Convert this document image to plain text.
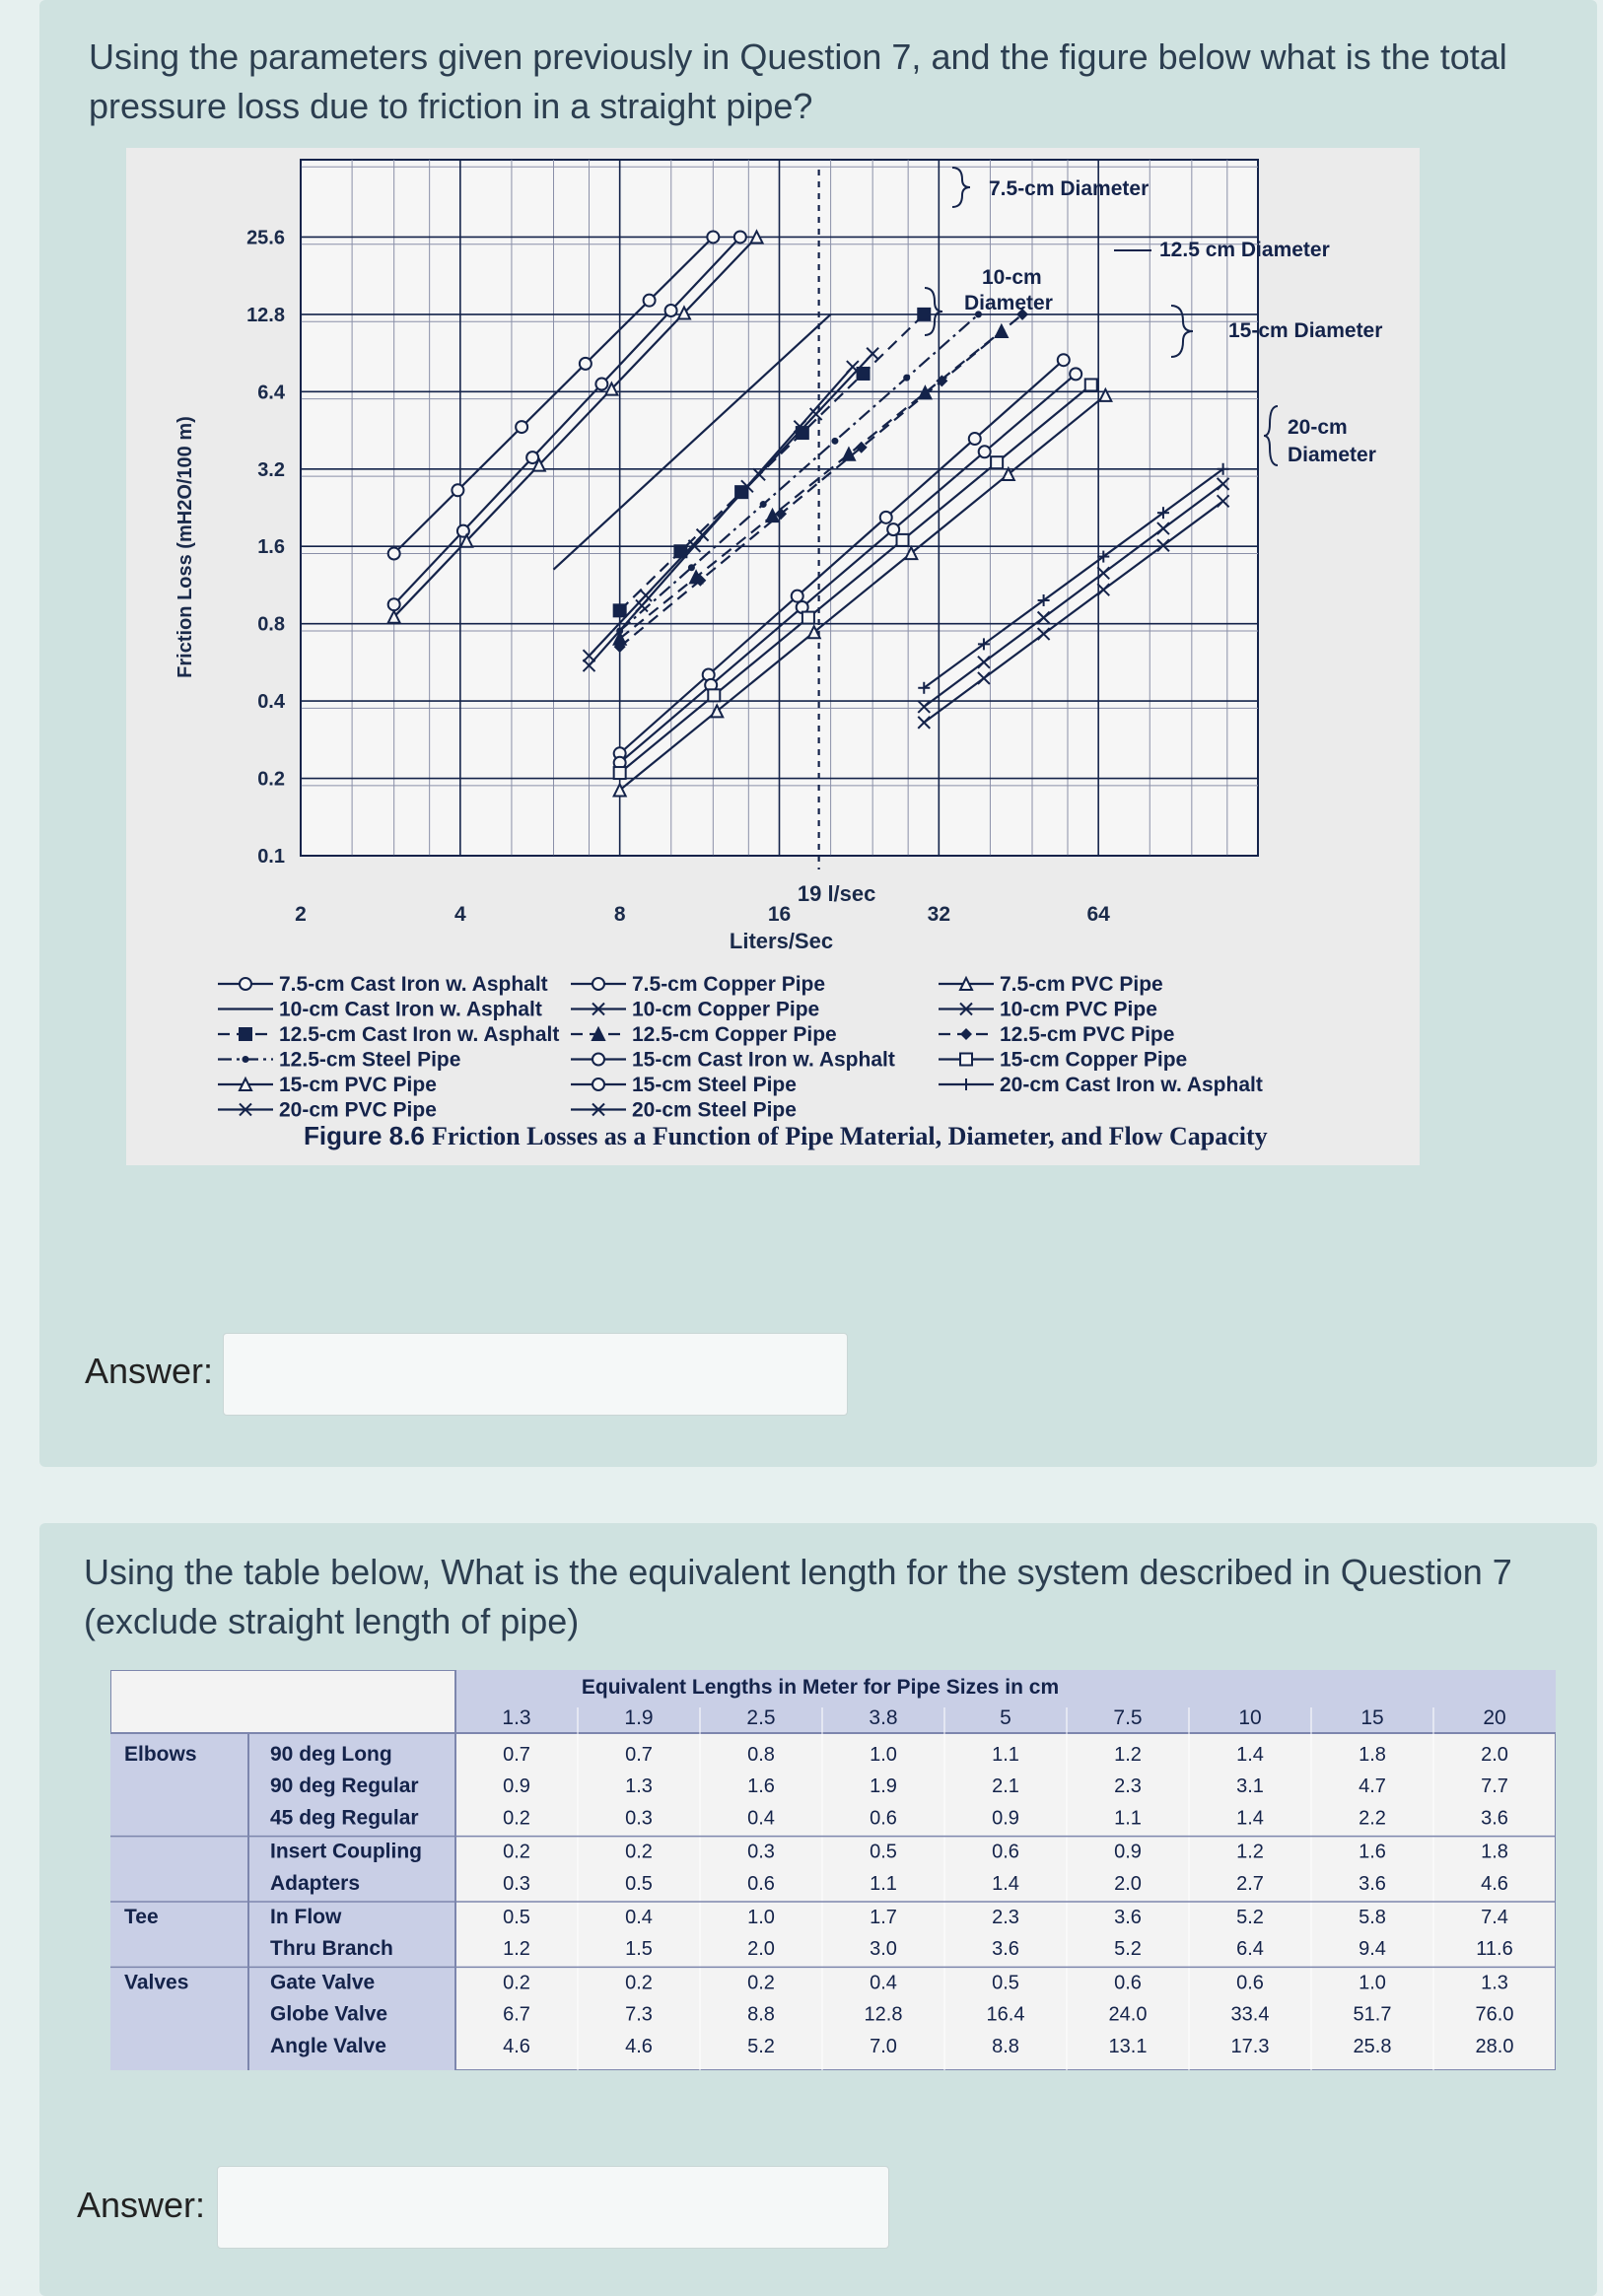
Using the parameters given previously in Question 7, and the figure below what is the total
pressure loss due to friction in a straight pipe?
2	4	8	16	32	64
25.6
12.8
6.4
3.2
1.6
0.8
0.4
0.2
0.1
Liters/Sec
Friction Loss (mH2O/100 m)
19 l/sec
7.5-cm Diameter
10-cm
Diameter
12.5 cm Diameter
15-cm Diameter
20-cm
Diameter
7.5-cm Cast Iron w. Asphalt
10-cm Cast Iron w. Asphalt
12.5-cm Cast Iron w. Asphalt
12.5-cm Steel Pipe
15-cm PVC Pipe
20-cm PVC Pipe
7.5-cm Copper Pipe
10-cm Copper Pipe
12.5-cm Copper Pipe
15-cm Cast Iron w. Asphalt
15-cm Steel Pipe
20-cm Steel Pipe
7.5-cm PVC Pipe
10-cm PVC Pipe
12.5-cm PVC Pipe
15-cm Copper Pipe
20-cm Cast Iron w. Asphalt
Figure 8.6 Friction Losses as a Function of Pipe Material, Diameter, and Flow Capacity
Answer:
Using the table below, What is the equivalent length for the system described in Question 7
(exclude straight length of pipe)
Answer:
Equivalent Lengths in Meter for Pipe Sizes in cm
1.3	1.9	2.5	3.8	5	7.5	10	15	20
Elbows	90 deg Long	0.7	0.7	0.8	1.0	1.1	1.2	1.4	1.8	2.0
90 deg Regular	0.9	1.3	1.6	1.9	2.1	2.3	3.1	4.7	7.7
45 deg Regular	0.2	0.3	0.4	0.6	0.9	1.1	1.4	2.2	3.6
Insert Coupling	0.2	0.2	0.3	0.5	0.6	0.9	1.2	1.6	1.8
Adapters	0.3	0.5	0.6	1.1	1.4	2.0	2.7	3.6	4.6
Tee	In Flow	0.5	0.4	1.0	1.7	2.3	3.6	5.2	5.8	7.4
Thru Branch	1.2	1.5	2.0	3.0	3.6	5.2	6.4	9.4	11.6
Valves	Gate Valve	0.2	0.2	0.2	0.4	0.5	0.6	0.6	1.0	1.3
Globe Valve	6.7	7.3	8.8	12.8	16.4	24.0	33.4	51.7	76.0
Angle Valve	4.6	4.6	5.2	7.0	8.8	13.1	17.3	25.8	28.0
